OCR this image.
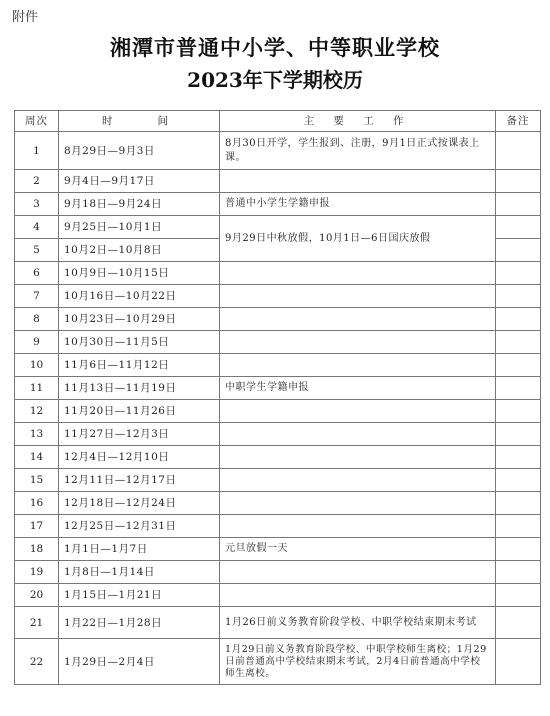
附件
湘潭市普通中小学、中等职业学校
2023年下学期校历
周次	时　　间	主 要 工 作	备注
1	8月29日—9月3日	8月30日开学，学生报到、注册，9月1日正式按课表上课。	
2	9月4日—9月17日		
3	9月18日—9月24日	普通中小学生学籍申报	
4	9月25日—10月1日	9月29日中秋放假，10月1日—6日国庆放假	
5	10月2日—10月8日		
6	10月9日—10月15日		
7	10月16日—10月22日		
8	10月23日—10月29日		
9	10月30日—11月5日		
10	11月6日—11月12日		
11	11月13日—11月19日	中职学生学籍申报	
12	11月20日—11月26日		
13	11月27日—12月3日		
14	12月4日—12月10日		
15	12月11日—12月17日		
16	12月18日—12月24日		
17	12月25日—12月31日		
18	1月1日—1月7日	元旦放假一天	
19	1月8日—1月14日		
20	1月15日—1月21日		
21	1月22日—1月28日	1月26日前义务教育阶段学校、中职学校结束期末考试	
22	1月29日—2月4日	1月29日前义务教育阶段学校、中职学校师生离校；1月29日前普通高中学校结束期末考试，2月4日前普通高中学校师生离校。	
